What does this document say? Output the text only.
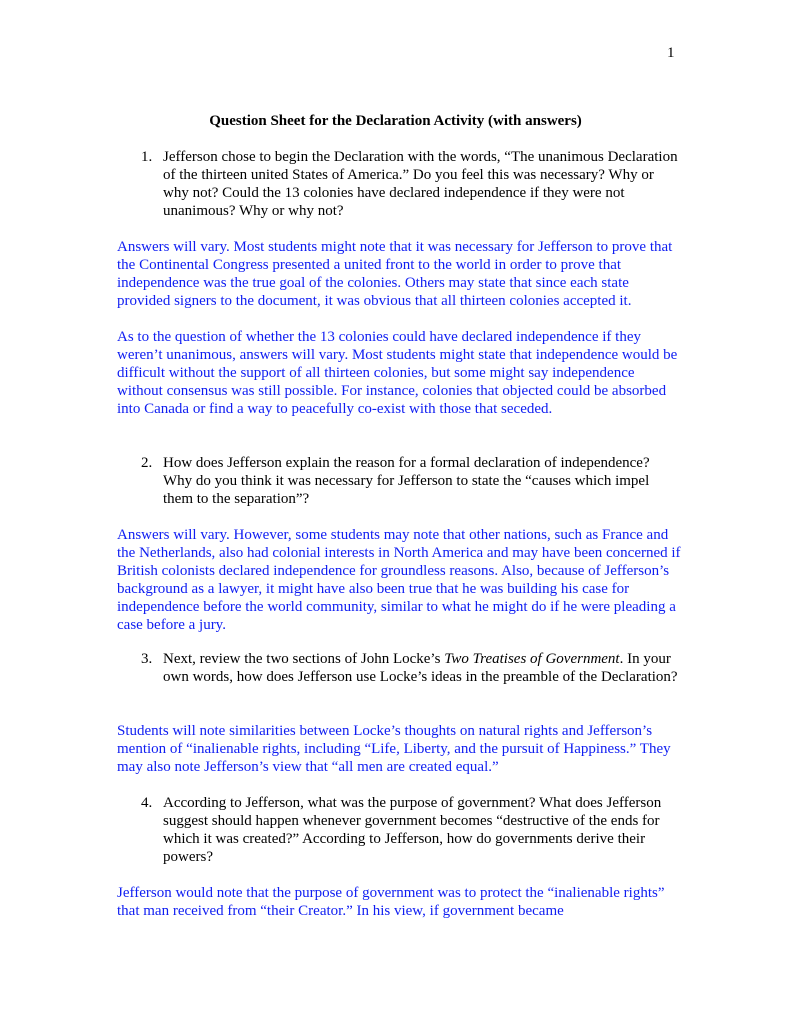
1
Question Sheet for the Declaration Activity (with answers)
1. Jefferson chose to begin the Declaration with the words, “The unanimous Declaration of the thirteen united States of America.” Do you feel this was necessary? Why or why not? Could the 13 colonies have declared independence if they were not unanimous? Why or why not?
Answers will vary. Most students might note that it was necessary for Jefferson to prove that the Continental Congress presented a united front to the world in order to prove that independence was the true goal of the colonies. Others may state that since each state provided signers to the document, it was obvious that all thirteen colonies accepted it.
As to the question of whether the 13 colonies could have declared independence if they weren’t unanimous, answers will vary. Most students might state that independence would be difficult without the support of all thirteen colonies, but some might say independence without consensus was still possible. For instance, colonies that objected could be absorbed into Canada or find a way to peacefully co-exist with those that seceded.
2. How does Jefferson explain the reason for a formal declaration of independence? Why do you think it was necessary for Jefferson to state the “causes which impel them to the separation”?
Answers will vary. However, some students may note that other nations, such as France and the Netherlands, also had colonial interests in North America and may have been concerned if British colonists declared independence for groundless reasons. Also, because of Jefferson’s background as a lawyer, it might have also been true that he was building his case for independence before the world community, similar to what he might do if he were pleading a case before a jury.
3. Next, review the two sections of John Locke’s Two Treatises of Government. In your own words, how does Jefferson use Locke’s ideas in the preamble of the Declaration?
Students will note similarities between Locke’s thoughts on natural rights and Jefferson’s mention of “inalienable rights, including “Life, Liberty, and the pursuit of Happiness.” They may also note Jefferson’s view that “all men are created equal.”
4. According to Jefferson, what was the purpose of government? What does Jefferson suggest should happen whenever government becomes “destructive of the ends for which it was created?” According to Jefferson, how do governments derive their powers?
Jefferson would note that the purpose of government was to protect the “inalienable rights” that man received from “their Creator.” In his view, if government became
